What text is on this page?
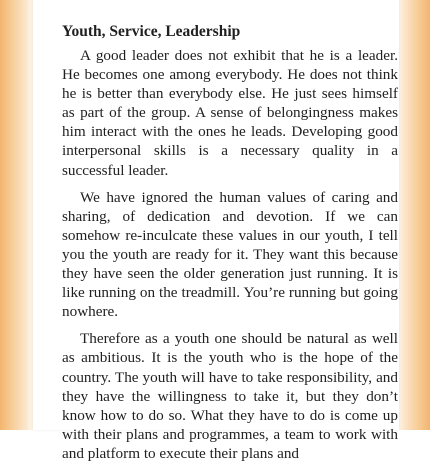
Youth, Service, Leadership

A good leader does not exhibit that he is a leader. He becomes one among everybody. He does not think he is better than everybody else. He just sees himself as part of the group. A sense of belongingness makes him interact with the ones he leads. Developing good interpersonal skills is a necessary quality in a successful leader.

We have ignored the human values of caring and sharing, of dedication and devotion. If we can somehow re-inculcate these values in our youth, I tell you the youth are ready for it. They want this because they have seen the older generation just running. It is like running on the treadmill. You’re running but going nowhere.

Therefore as a youth one should be natural as well as ambitious. It is the youth who is the hope of the country. The youth will have to take responsibility, and they have the willingness to take it, but they don’t know how to do so. What they have to do is come up with their plans and programmes, a team to work with and platform to execute their plans and
